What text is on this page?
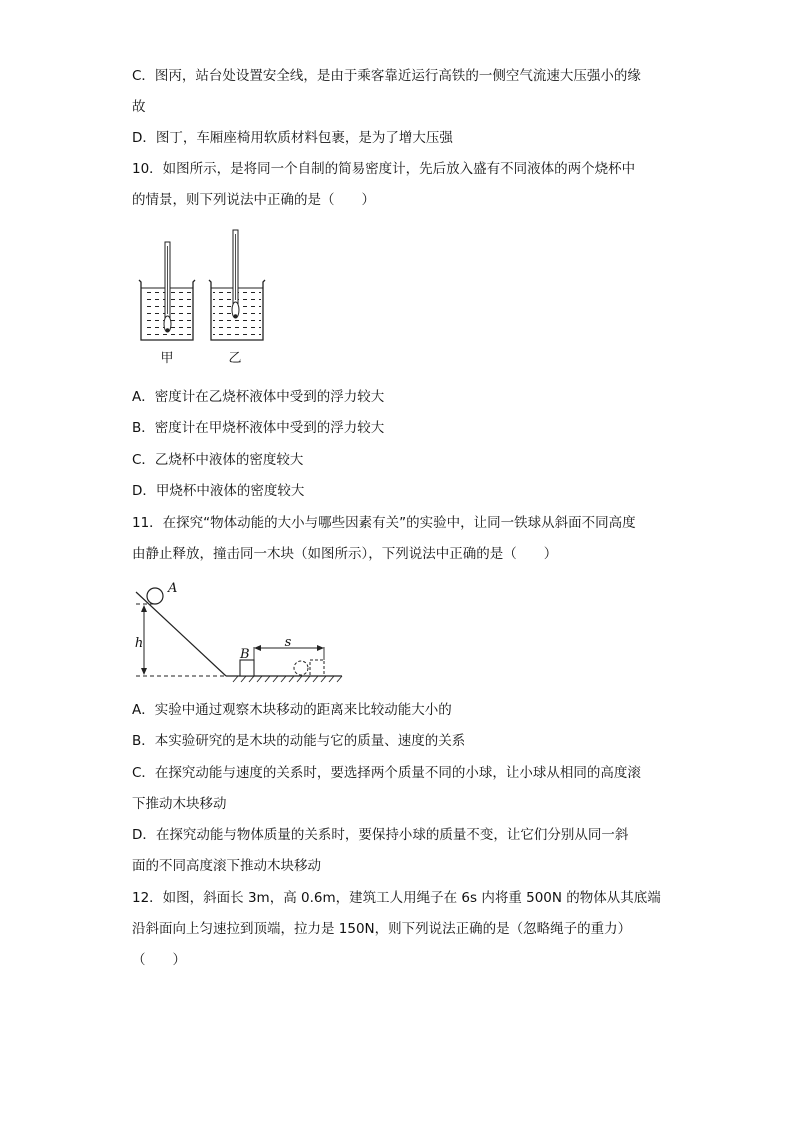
C．图丙，站台处设置安全线，是由于乘客靠近运行高铁的一侧空气流速大压强小的缘
故
D．图丁，车厢座椅用软质材料包裹，是为了增大压强
10．如图所示，是将同一个自制的简易密度计，先后放入盛有不同液体的两个烧杯中
的情景，则下列说法中正确的是（　　）
甲	乙
A．密度计在乙烧杯液体中受到的浮力较大
B．密度计在甲烧杯液体中受到的浮力较大
C．乙烧杯中液体的密度较大
D．甲烧杯中液体的密度较大
11．在探究“物体动能的大小与哪些因素有关”的实验中，让同一铁球从斜面不同高度
由静止释放，撞击同一木块（如图所示），下列说法中正确的是（　　）
h
A
B
s
A．实验中通过观察木块移动的距离来比较动能大小的
B．本实验研究的是木块的动能与它的质量、速度的关系
C．在探究动能与速度的关系时，要选择两个质量不同的小球，让小球从相同的高度滚
下推动木块移动
D．在探究动能与物体质量的关系时，要保持小球的质量不变，让它们分别从同一斜
面的不同高度滚下推动木块移动
12．如图，斜面长 3m，高 0.6m，建筑工人用绳子在 6s 内将重 500N 的物体从其底端
沿斜面向上匀速拉到顶端，拉力是 150N，则下列说法正确的是（忽略绳子的重力）
（　　）
